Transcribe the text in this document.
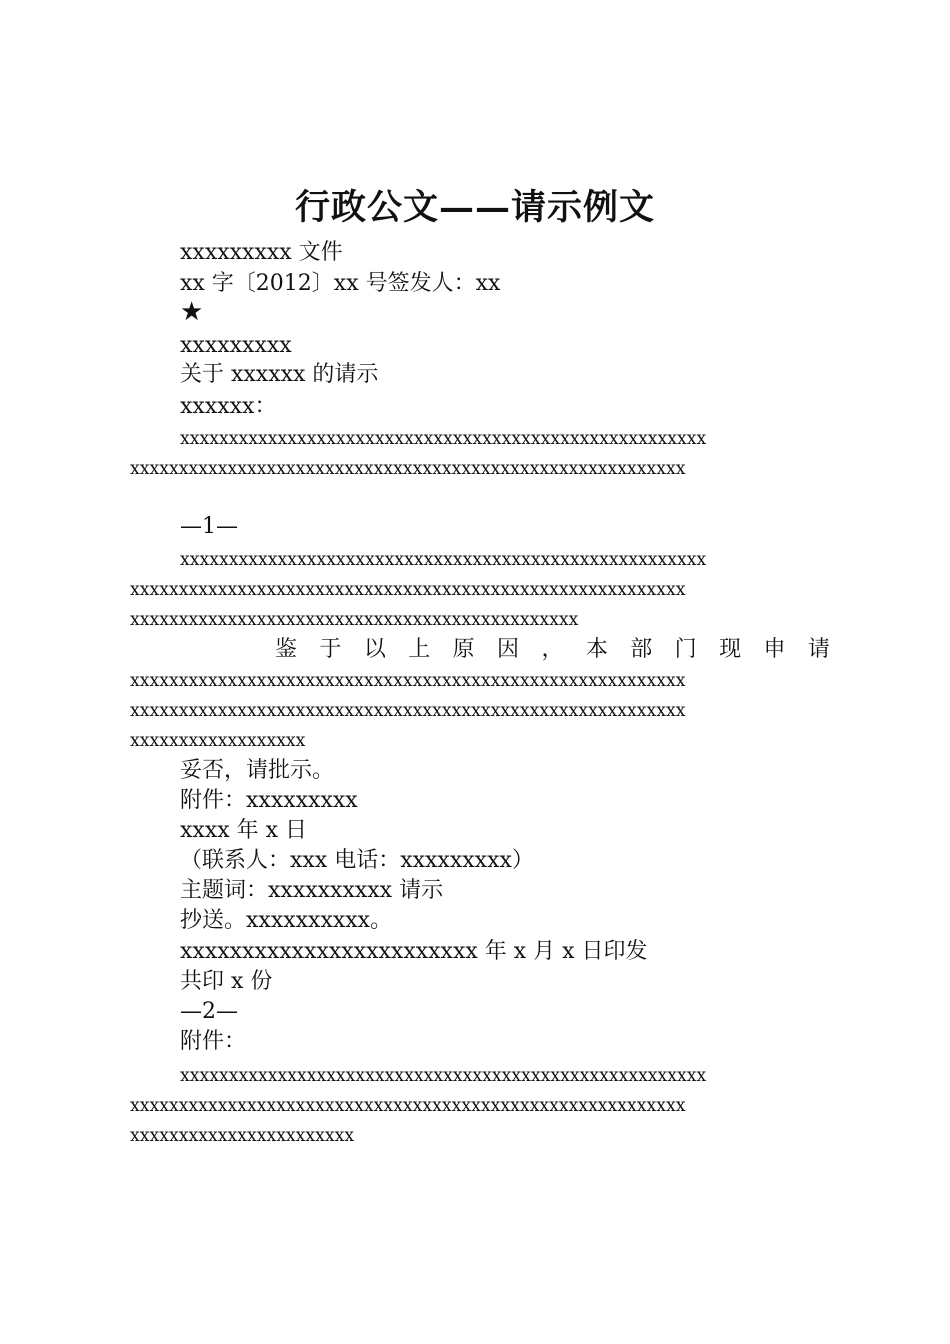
行政公文——请示例文
xxxxxxxxx 文件
xx 字〔2012〕xx 号签发人：xx
★
xxxxxxxxx
关于 xxxxxx 的请示
xxxxxx：
xxxxxxxxxxxxxxxxxxxxxxxxxxxxxxxxxxxxxxxxxxxxxxxxxxxxxx
xxxxxxxxxxxxxxxxxxxxxxxxxxxxxxxxxxxxxxxxxxxxxxxxxxxxxxxxx
—1—
xxxxxxxxxxxxxxxxxxxxxxxxxxxxxxxxxxxxxxxxxxxxxxxxxxxxxx
xxxxxxxxxxxxxxxxxxxxxxxxxxxxxxxxxxxxxxxxxxxxxxxxxxxxxxxxx
xxxxxxxxxxxxxxxxxxxxxxxxxxxxxxxxxxxxxxxxxxxxxx
鉴 于 以 上 原 因 ， 本 部 门 现 申 请
xxxxxxxxxxxxxxxxxxxxxxxxxxxxxxxxxxxxxxxxxxxxxxxxxxxxxxxxx
xxxxxxxxxxxxxxxxxxxxxxxxxxxxxxxxxxxxxxxxxxxxxxxxxxxxxxxxx
xxxxxxxxxxxxxxxxxx
妥否，请批示。
附件：xxxxxxxxx
xxxx 年 x 日
（联系人：xxx 电话：xxxxxxxxx）
主题词：xxxxxxxxxx 请示
抄送。xxxxxxxxxx。
xxxxxxxxxxxxxxxxxxxxxxxx 年 x 月 x 日印发
共印 x 份
—2—
附件：
xxxxxxxxxxxxxxxxxxxxxxxxxxxxxxxxxxxxxxxxxxxxxxxxxxxxxx
xxxxxxxxxxxxxxxxxxxxxxxxxxxxxxxxxxxxxxxxxxxxxxxxxxxxxxxxx
xxxxxxxxxxxxxxxxxxxxxxx
